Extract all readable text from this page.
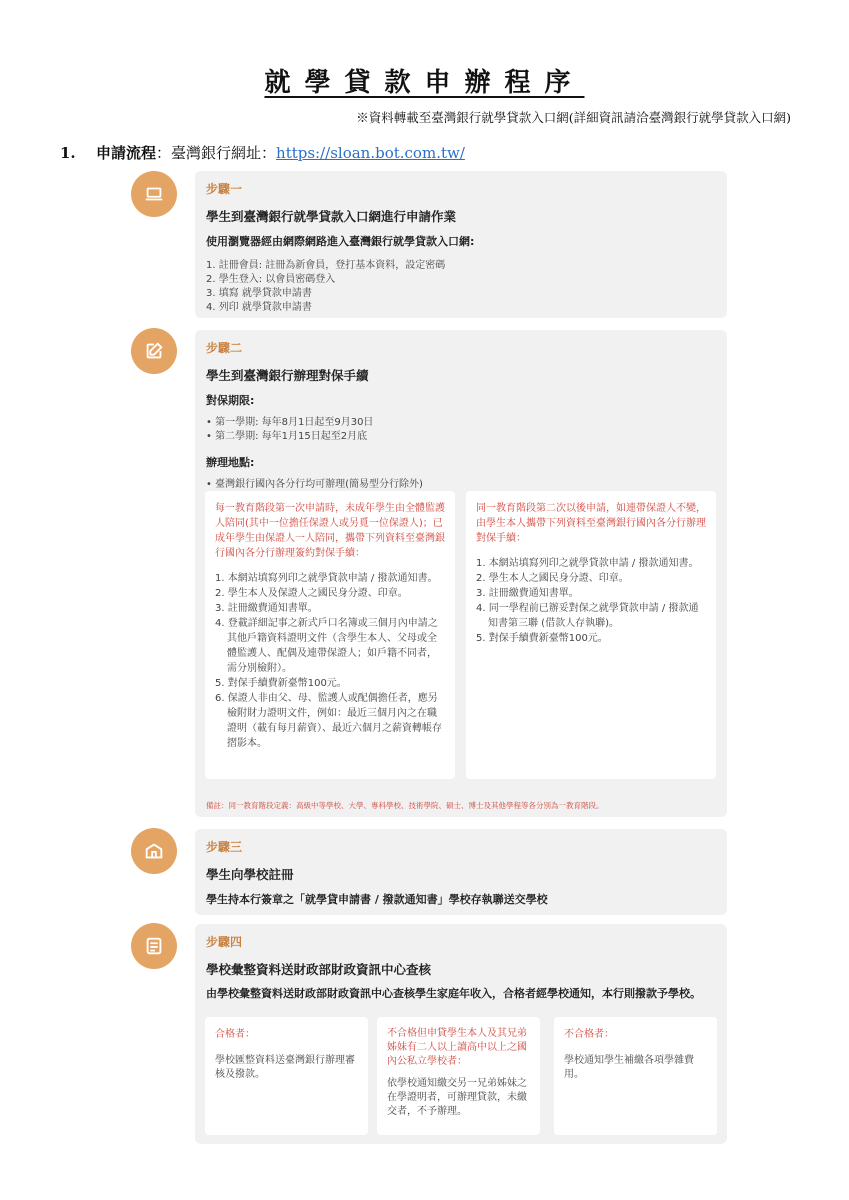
就學貸款申辦程序
※資料轉載至臺灣銀行就學貸款入口網(詳細資訊請洽臺灣銀行就學貸款入口網)
1. 申請流程：臺灣銀行網址：https://sloan.bot.com.tw/
步驟一
學生到臺灣銀行就學貸款入口網進行申請作業
使用瀏覽器經由網際網路進入臺灣銀行就學貸款入口網:
1. 註冊會員: 註冊為新會員，登打基本資料，設定密碼
2. 學生登入: 以會員密碼登入
3. 填寫 就學貸款申請書
4. 列印 就學貸款申請書
步驟二
學生到臺灣銀行辦理對保手續
對保期限:
• 第一學期: 每年8月1日起至9月30日
• 第二學期: 每年1月15日起至2月底
辦理地點:
• 臺灣銀行國內各分行均可辦理(簡易型分行除外)
每一教育階段第一次申請時，未成年學生由全體監護人陪同(其中一位擔任保證人或另覓一位保證人)；已成年學生由保證人一人陪同，攜帶下列資料至臺灣銀行國內各分行辦理簽約對保手續：
1. 本網站填寫列印之就學貸款申請 / 撥款通知書。
2. 學生本人及保證人之國民身分證、印章。
3. 註冊繳費通知書單。
4. 登載詳細記事之新式戶口名簿或三個月內申請之其他戶籍資料證明文件（含學生本人、父母或全體監護人、配偶及連帶保證人；如戶籍不同者，需分別檢附）。
5. 對保手續費新臺幣100元。
6. 保證人非由父、母、監護人或配偶擔任者，應另檢附財力證明文件，例如：最近三個月內之在職證明（載有每月薪資）、最近六個月之薪資轉帳存摺影本。
同一教育階段第二次以後申請，如連帶保證人不變，由學生本人攜帶下列資料至臺灣銀行國內各分行辦理對保手續：
1. 本網站填寫列印之就學貸款申請 / 撥款通知書。
2. 學生本人之國民身分證、印章。
3. 註冊繳費通知書單。
4. 同一學程前已辦妥對保之就學貸款申請 / 撥款通知書第三聯 (借款人存執聯)。
5. 對保手續費新臺幣100元。
備註：同一教育階段定義：高級中等學校、大學、專科學校、技術學院、碩士、博士及其他學程等各分別為一教育階段。
步驟三
學生向學校註冊
學生持本行簽章之「就學貸申請書 / 撥款通知書」學校存執聯送交學校
步驟四
學校彙整資料送財政部財政資訊中心查核
由學校彙整資料送財政部財政資訊中心查核學生家庭年收入，合格者經學校通知，本行則撥款予學校。
合格者：
學校匯整資料送臺灣銀行辦理審核及撥款。
不合格但申貸學生本人及其兄弟姊妹有二人以上讀高中以上之國內公私立學校者：
依學校通知繳交另一兄弟姊妹之在學證明者，可辦理貸款，未繳交者，不予辦理。
不合格者：
學校通知學生補繳各項學雜費用。
